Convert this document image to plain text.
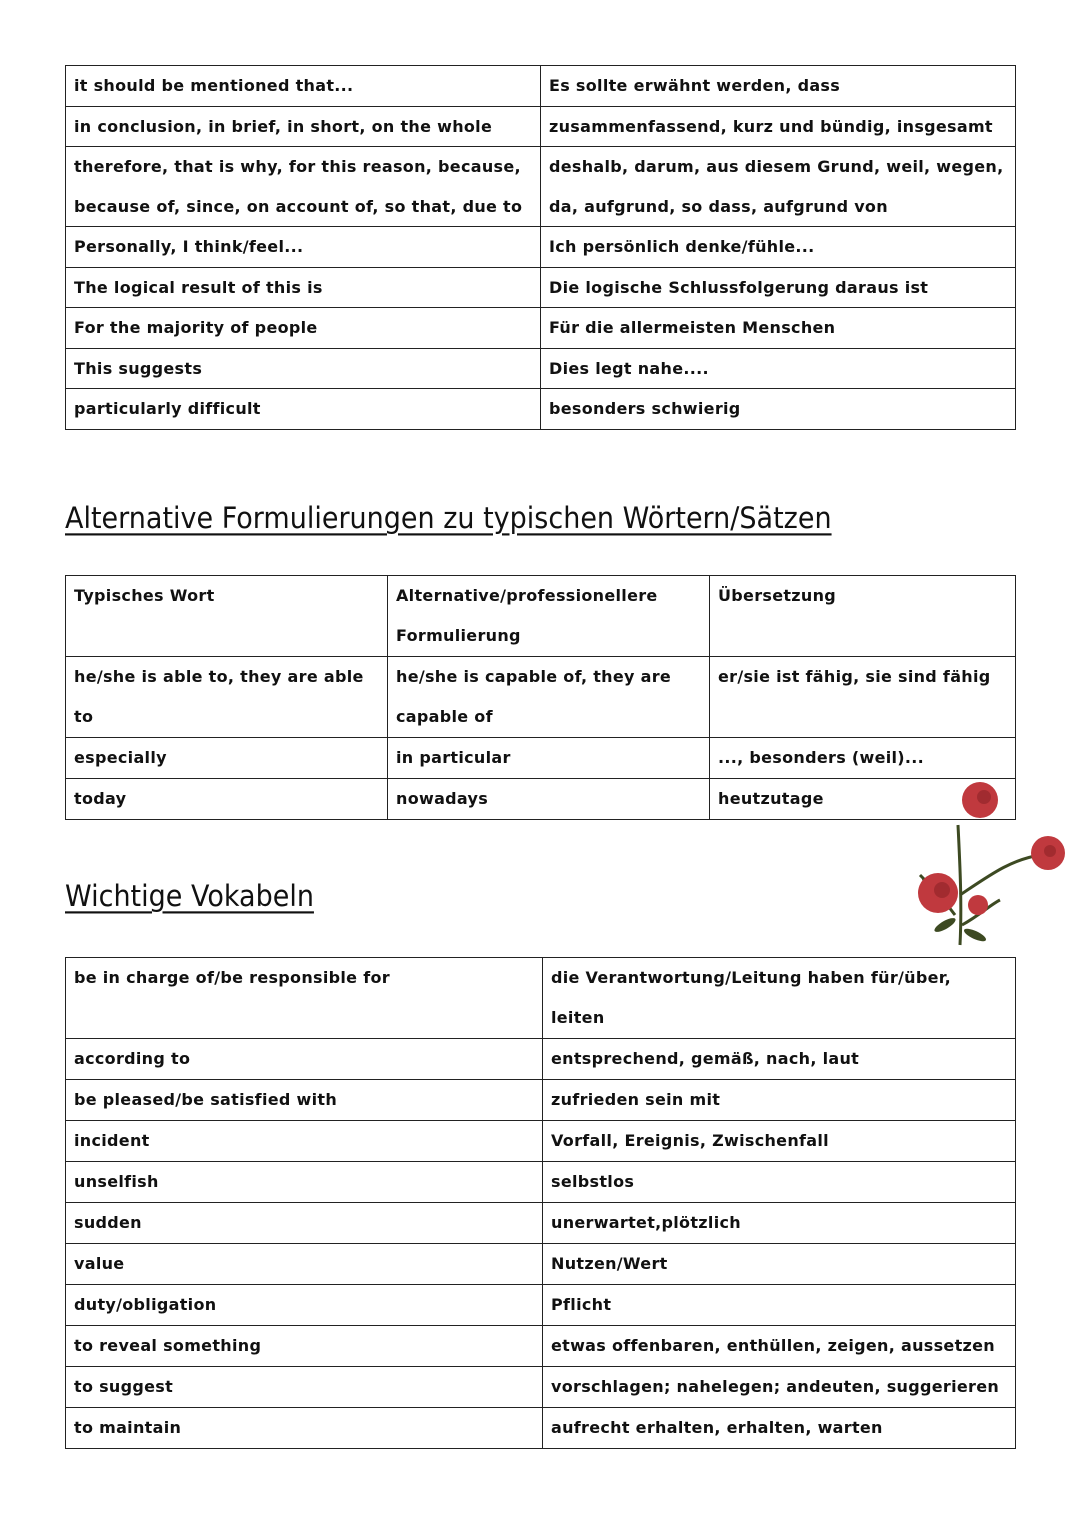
it should be mentioned that...	Es sollte erwähnt werden, dass
in conclusion, in brief, in short, on the whole	zusammenfassend, kurz und bündig, insgesamt
therefore, that is why, for this reason, because, because of, since, on account of, so that, due to	deshalb, darum, aus diesem Grund, weil, wegen, da, aufgrund, so dass, aufgrund von
Personally, I think/feel...	Ich persönlich denke/fühle...
The logical result of this is	Die logische Schlussfolgerung daraus ist
For the majority of people	Für die allermeisten Menschen
This suggests	Dies legt nahe....
particularly difficult	besonders schwierig
Alternative Formulierungen zu typischen Wörtern/Sätzen
Typisches Wort	Alternative/professionellere Formulierung	Übersetzung
he/she is able to, they are able to	he/she is capable of, they are capable of	er/sie ist fähig, sie sind fähig
especially	in particular	..., besonders (weil)...
today	nowadays	heutzutage
Wichtige Vokabeln
be in charge of/be responsible for	die Verantwortung/Leitung haben für/über, leiten
according to	entsprechend, gemäß, nach, laut
be pleased/be satisfied with	zufrieden sein mit
incident	Vorfall, Ereignis, Zwischenfall
unselfish	selbstlos
sudden	unerwartet,plötzlich
value	Nutzen/Wert
duty/obligation	Pflicht
to reveal something	etwas offenbaren, enthüllen, zeigen, aussetzen
to suggest	vorschlagen; nahelegen; andeuten, suggerieren
to maintain	aufrecht erhalten, erhalten, warten
